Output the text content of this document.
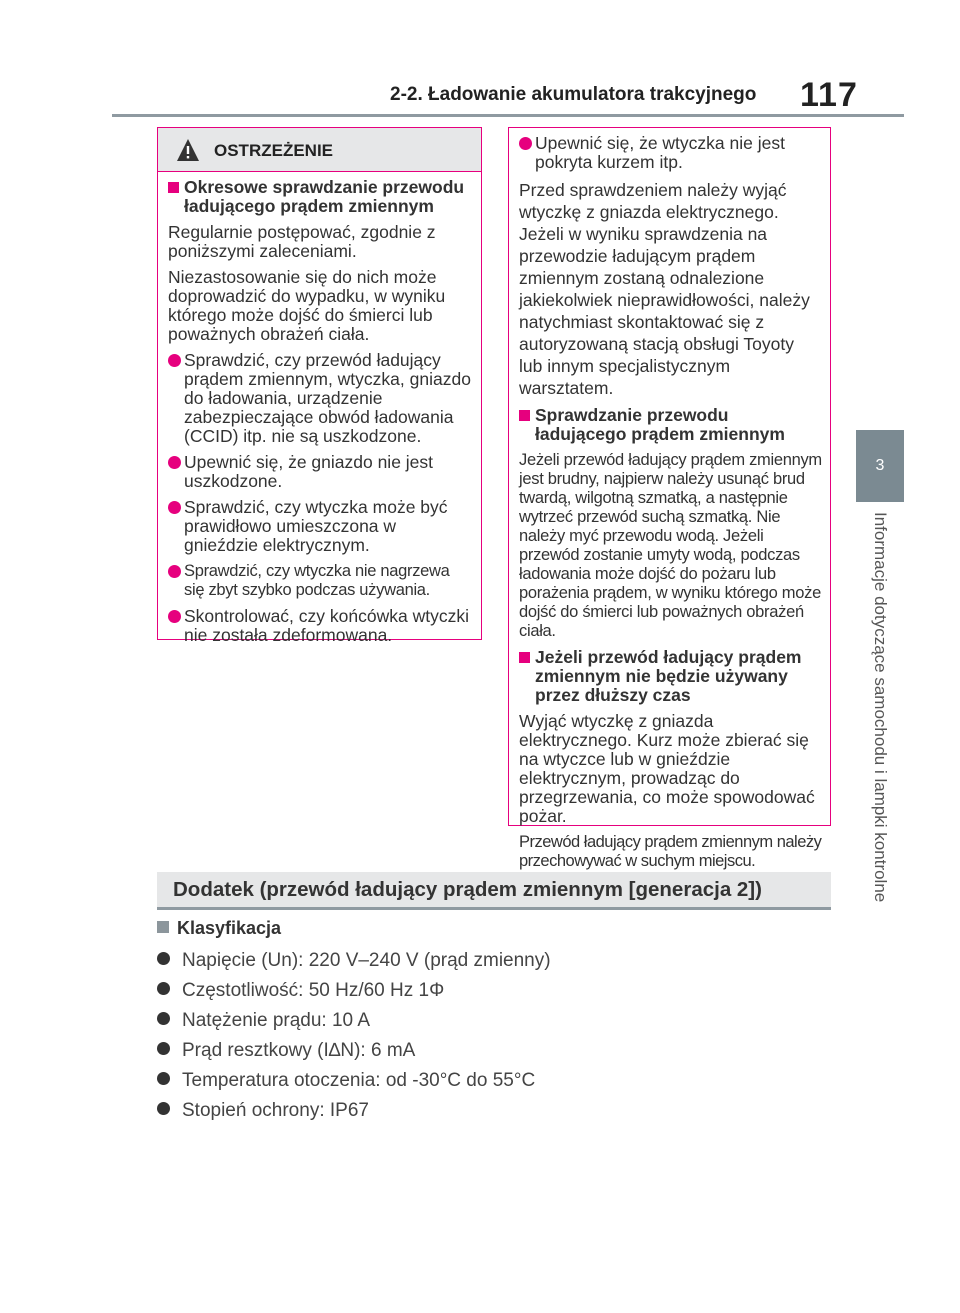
2-2. Ładowanie akumulatora trakcyjnego 117
3
Informacje dotyczące samochodu i lampki kontrolne
OSTRZEŻENIE

Okresowe sprawdzanie przewodu ładującego prądem zmiennym

Regularnie postępować, zgodnie z poniższymi zaleceniami.

Niezastosowanie się do nich może doprowadzić do wypadku, w wyniku którego może dojść do śmierci lub poważnych obrażeń ciała.

Sprawdzić, czy przewód ładujący prądem zmiennym, wtyczka, gniazdo do ładowania, urządzenie zabezpieczające obwód ładowania (CCID) itp. nie są uszkodzone.

Upewnić się, że gniazdo nie jest uszkodzone.

Sprawdzić, czy wtyczka może być prawidłowo umieszczona w gnieździe elektrycznym.

Sprawdzić, czy wtyczka nie nagrzewa się zbyt szybko podczas używania.

Skontrolować, czy końcówka wtyczki nie została zdeformowana.

Upewnić się, że wtyczka nie jest pokryta kurzem itp.

Przed sprawdzeniem należy wyjąć wtyczkę z gniazda elektrycznego. Jeżeli w wyniku sprawdzenia na przewodzie ładującym prądem zmiennym zostaną odnalezione jakiekolwiek nieprawidłowości, należy natychmiast skontaktować się z autoryzowaną stacją obsługi Toyoty lub innym specjalistycznym warsztatem.

Sprawdzanie przewodu ładującego prądem zmiennym

Jeżeli przewód ładujący prądem zmiennym jest brudny, najpierw należy usunąć brud twardą, wilgotną szmatką, a następnie wytrzeć przewód suchą szmatką. Nie należy myć przewodu wodą. Jeżeli przewód zostanie umyty wodą, podczas ładowania może dojść do pożaru lub porażenia prądem, w wyniku którego może dojść do śmierci lub poważnych obrażeń ciała.

Jeżeli przewód ładujący prądem zmiennym nie będzie używany przez dłuższy czas

Wyjąć wtyczkę z gniazda elektrycznego. Kurz może zbierać się na wtyczce lub w gnieździe elektrycznym, prowadząc do przegrzewania, co może spowodować pożar.

Przewód ładujący prądem zmiennym należy przechowywać w suchym miejscu.

Dodatek (przewód ładujący prądem zmiennym [generacja 2])
Klasyfikacja
Napięcie (Un): 220 V–240 V (prąd zmienny)
Częstotliwość: 50 Hz/60 Hz 1Φ
Natężenie prądu: 10 A
Prąd resztkowy (I∆N): 6 mA
Temperatura otoczenia: od -30°C do 55°C
Stopień ochrony: IP67
